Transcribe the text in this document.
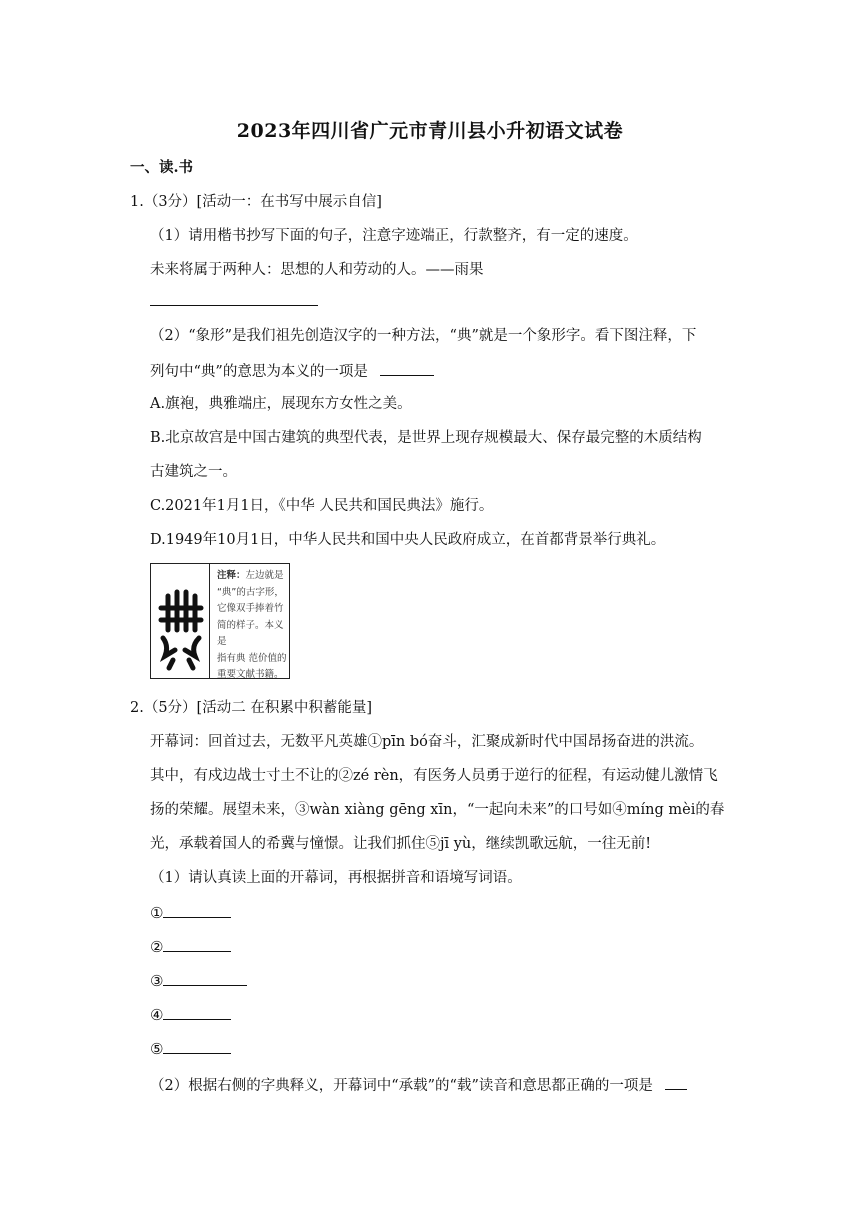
2023年四川省广元市青川县小升初语文试卷
一、读.书
1.（3分）[活动一：在书写中展示自信]
（1）请用楷书抄写下面的句子，注意字迹端正，行款整齐，有一定的速度。
未来将属于两种人：思想的人和劳动的人。——雨果
（2）“象形”是我们祖先创造汉字的一种方法，“典”就是一个象形字。看下图注释，下
列句中“典”的意思为本义的一项是
A.旗袍，典雅端庄，展现东方女性之美。
B.北京故宫是中国古建筑的典型代表，是世界上现存规模最大、保存最完整的木质结构
古建筑之一。
C.2021年1月1日，《中华 人民共和国民典法》施行。
D.1949年10月1日，中华人民共和国中央人民政府成立，在首都背景举行典礼。
注释：左边就是
“典”的古字形，
它像双手捧着竹
简的样子。本义是
指有典 范价值的
重要文献书籍。
2.（5分）[活动二 在积累中积蓄能量]
开幕词：回首过去，无数平凡英雄①pīn bó奋斗，汇聚成新时代中国昂扬奋进的洪流。
其中，有戍边战士寸土不让的②zé rèn，有医务人员勇于逆行的征程，有运动健儿激情飞
扬的荣耀。展望未来，③wàn xiàng gēng xīn，“一起向未来”的口号如④míng mèi的春
光，承载着国人的希冀与憧憬。让我们抓住⑤jī yù，继续凯歌远航，一往无前!
（1）请认真读上面的开幕词，再根据拼音和语境写词语。
①
②
③
④
⑤
（2）根据右侧的字典释义，开幕词中“承载”的“载”读音和意思都正确的一项是
